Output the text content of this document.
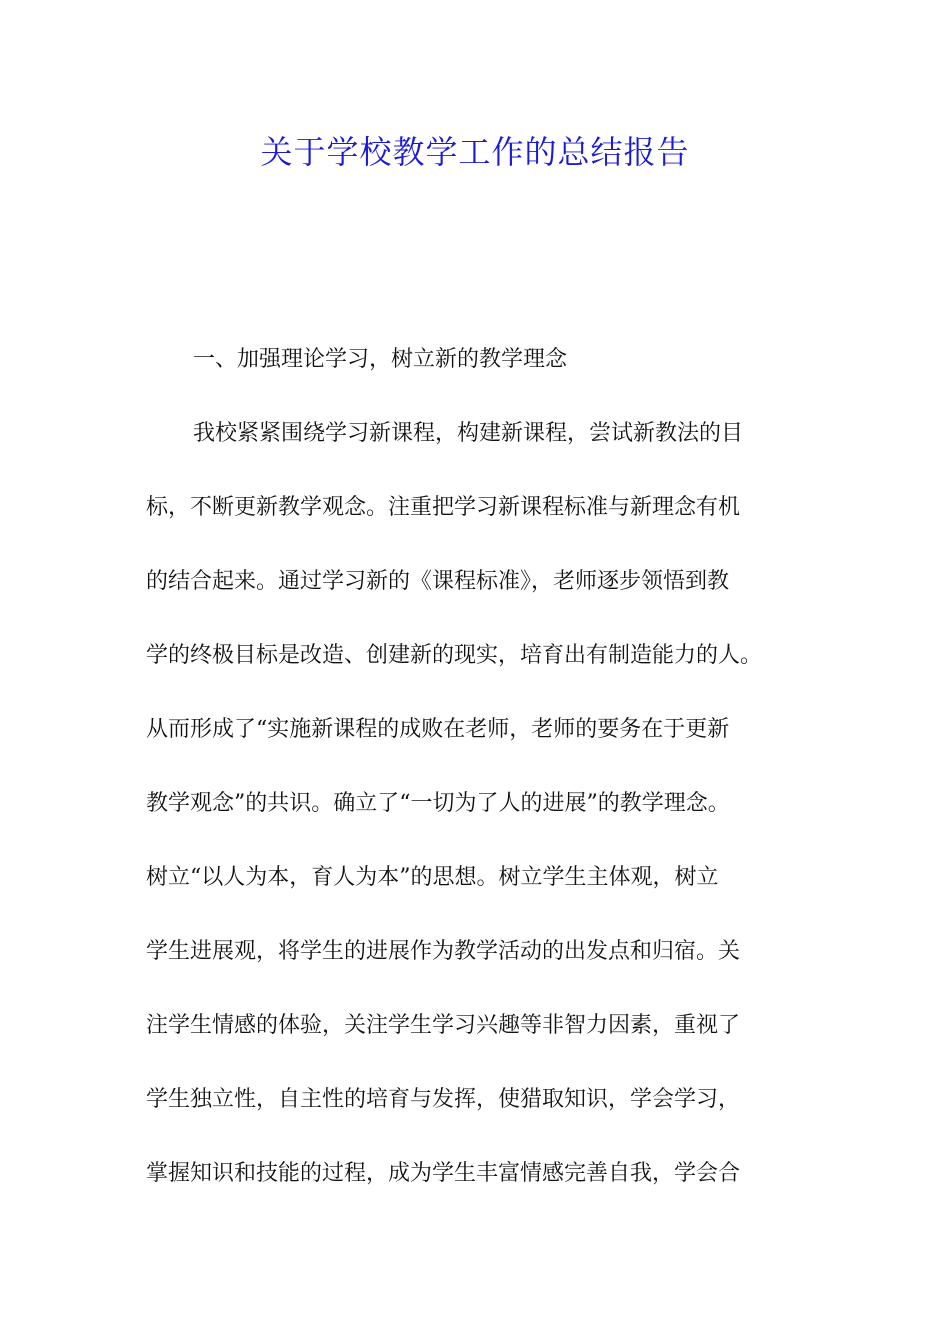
关于学校教学工作的总结报告
一、加强理论学习，树立新的教学理念
我校紧紧围绕学习新课程，构建新课程，尝试新教法的目
标，不断更新教学观念。注重把学习新课程标准与新理念有机
的结合起来。通过学习新的《课程标准》，老师逐步领悟到教
学的终极目标是改造、创建新的现实，培育出有制造能力的人。
从而形成了“实施新课程的成败在老师，老师的要务在于更新
教学观念”的共识。确立了“一切为了人的进展”的教学理念。
树立“以人为本，育人为本”的思想。树立学生主体观，树立
学生进展观，将学生的进展作为教学活动的出发点和归宿。关
注学生情感的体验，关注学生学习兴趣等非智力因素，重视了
学生独立性，自主性的培育与发挥，使猎取知识，学会学习，
掌握知识和技能的过程，成为学生丰富情感完善自我，学会合
